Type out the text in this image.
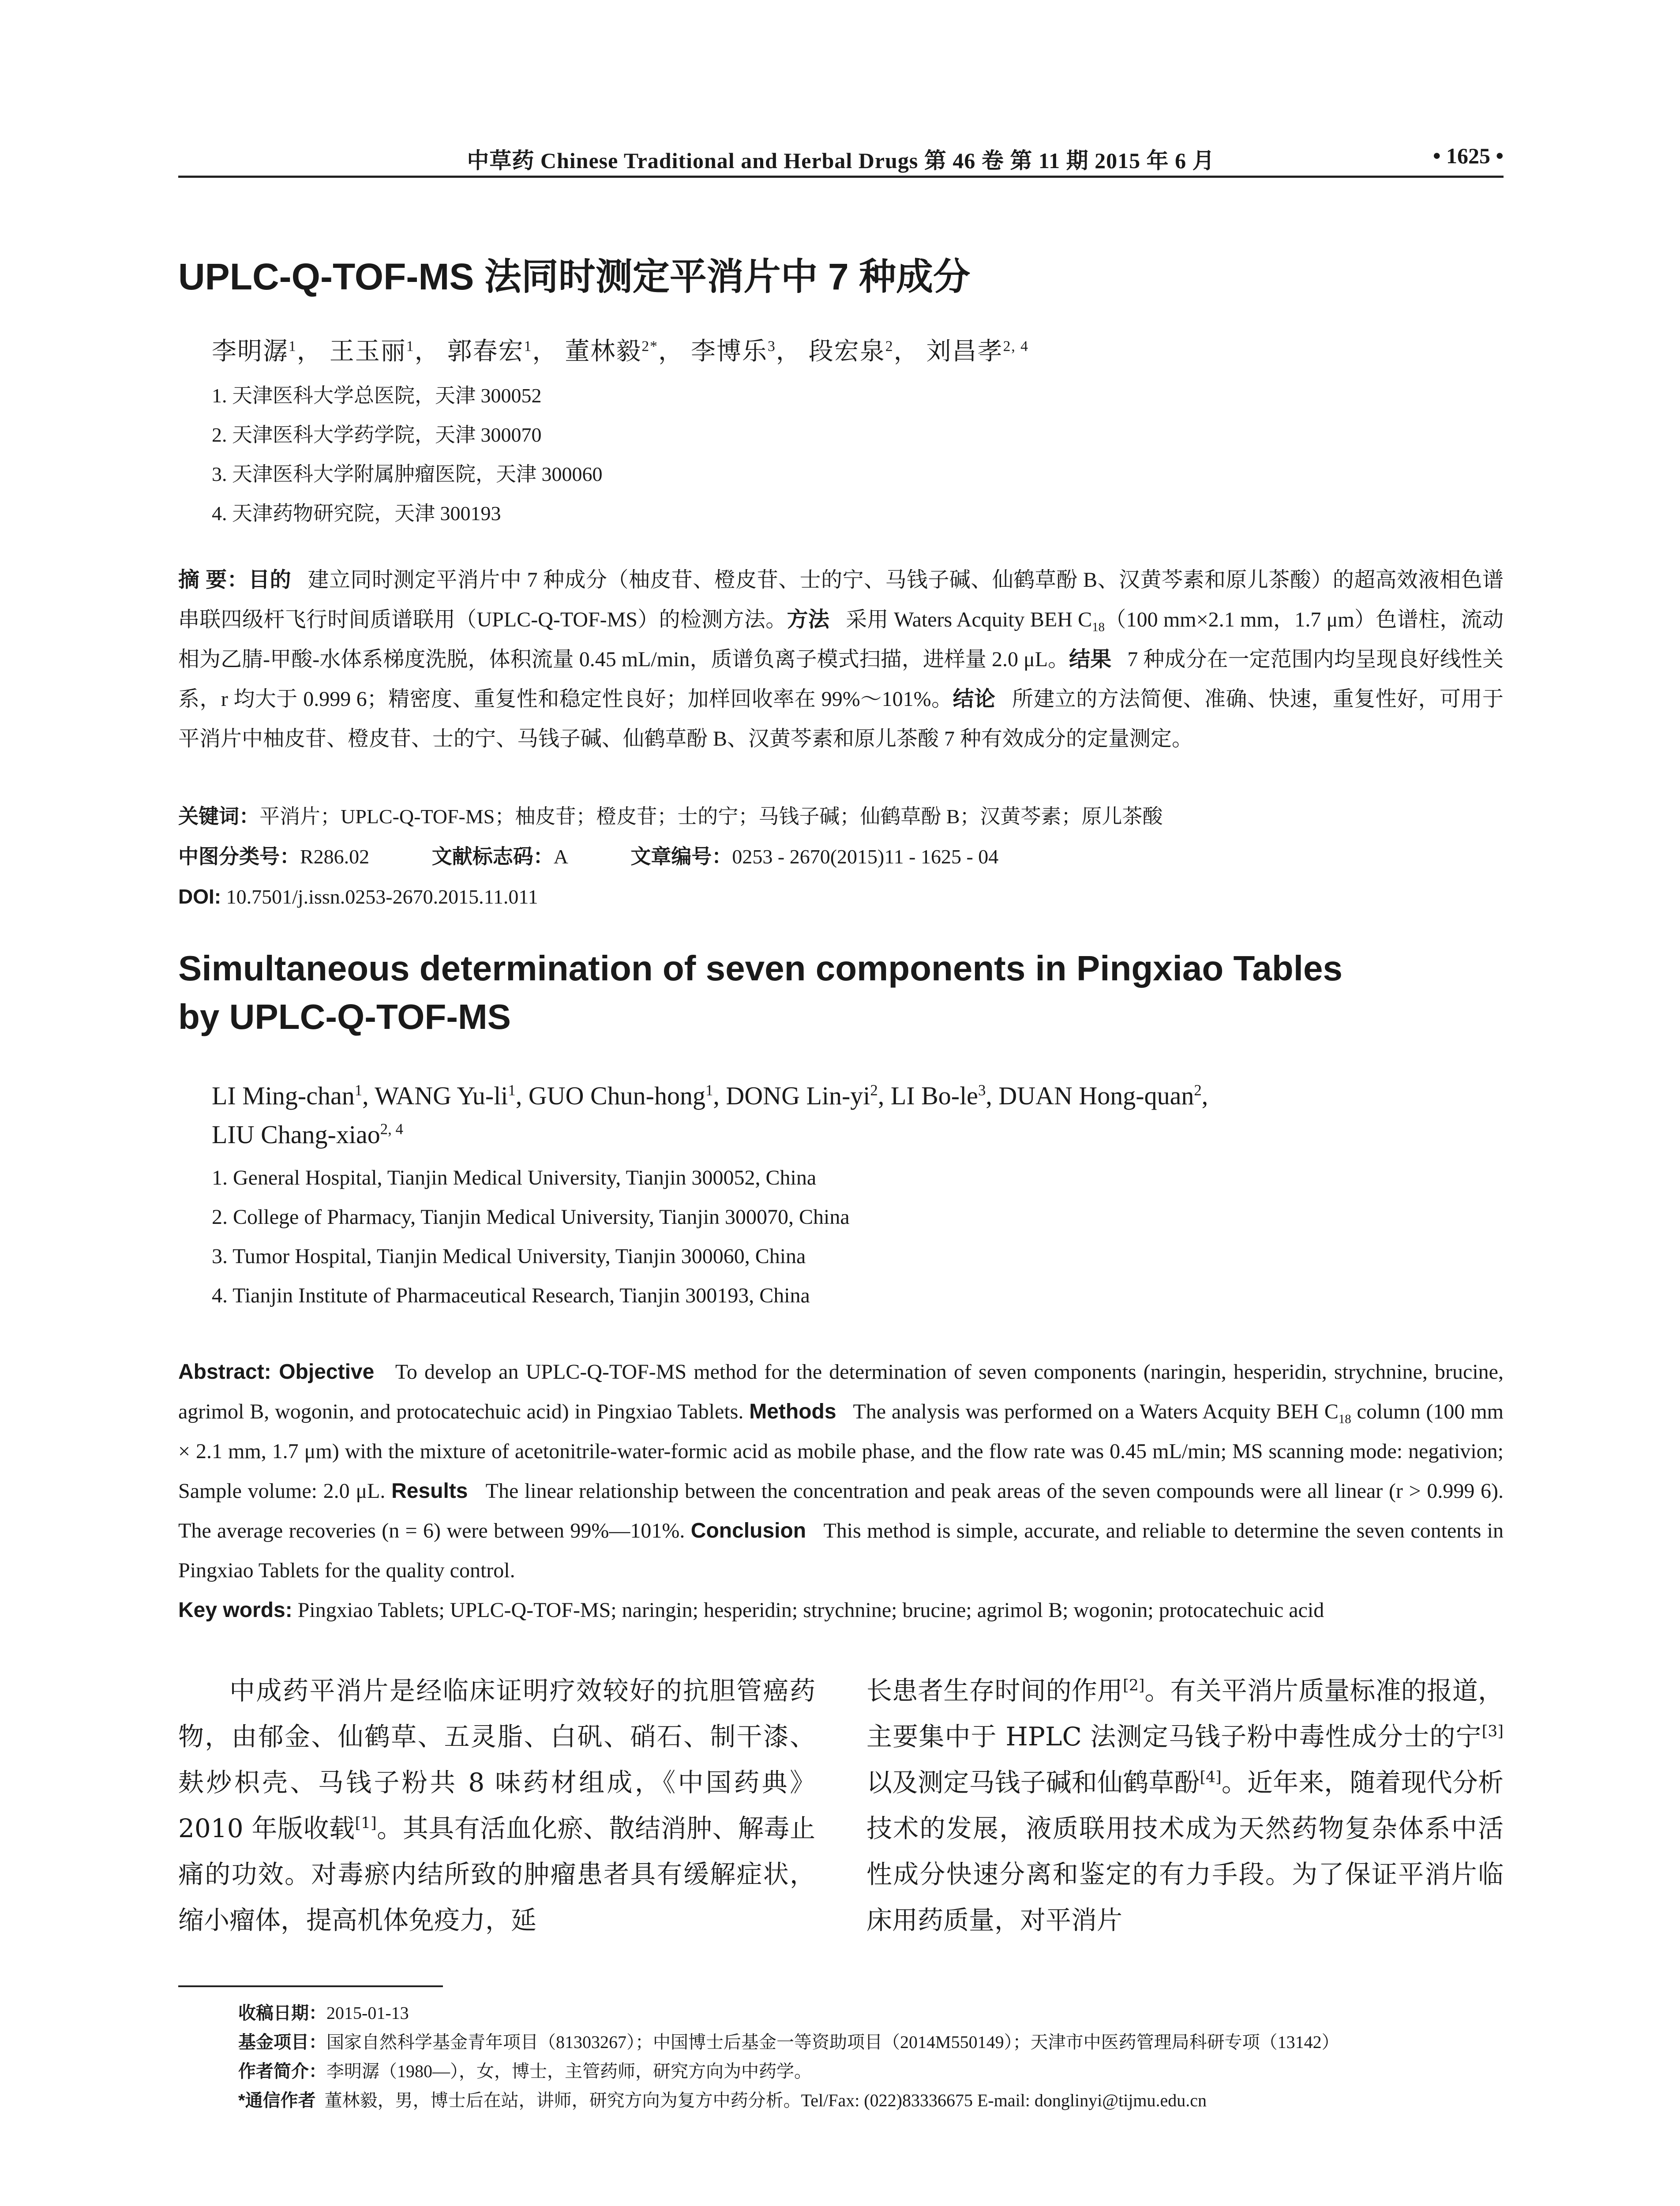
中草药 Chinese Traditional and Herbal Drugs 第 46 卷 第 11 期 2015 年 6 月	• 1625 •
UPLC-Q-TOF-MS 法同时测定平消片中 7 种成分
李明潺$^1$， 王玉丽$^1$， 郭春宏$^1$， 董林毅$^{2*}$， 李博乐$^3$， 段宏泉$^2$， 刘昌孝$^{2, 4}$
1. 天津医科大学总医院，天津 300052
2. 天津医科大学药学院，天津 300070
3. 天津医科大学附属肿瘤医院，天津 300060
4. 天津药物研究院，天津 300193
摘 要：目的 建立同时测定平消片中 7 种成分（柚皮苷、橙皮苷、士的宁、马钱子碱、仙鹤草酚 B、汉黄芩素和原儿茶酸）的超高效液相色谱串联四级杆飞行时间质谱联用（UPLC-Q-TOF-MS）的检测方法。方法 采用 Waters Acquity BEH $C_{18}(100$ mm×2.1 mm，1.7 μm）色谱柱，流动相为乙腈-甲酸-水体系梯度洗脱，体积流量 0.45 mL/min，质谱负离子模式扫描，进样量 2.0 μL。结果 7 种成分在一定范围内均呈现良好线性关系，r 均大于 0.999 6；精密度、重复性和稳定性良好；加样回收率在 99%～101%。结论 所建立的方法简便、准确、快速，重复性好，可用于平消片中柚皮苷、橙皮苷、士的宁、马钱子碱、仙鹤草酚 B、汉黄芩素和原儿茶酸 7 种有效成分的定量测定。
关键词：平消片；UPLC-Q-TOF-MS；柚皮苷；橙皮苷；士的宁；马钱子碱；仙鹤草酚 B；汉黄芩素；原儿茶酸
中图分类号：R286.02	文献标志码：A	文章编号：0253 - 2670(2015)11 - 1625 - 04
DOI: 10.7501/j.issn.0253-2670.2015.11.011
Simultaneous determination of seven components in Pingxiao Tables
by UPLC-Q-TOF-MS
LI Ming-chan$^1$, WANG $Yu-li^1$, GUO Chun-hong$^1$, DONG Lin-$yi^2$, LI $Bo-le^3$, DUAN Hong-quan$^2$,
LIU Chang-xiao$^{2, 4}$
1. General Hospital, Tianjin Medical University, Tianjin 300052, China
2. College of Pharmacy, Tianjin Medical University, Tianjin 300070, China
3. Tumor Hospital, Tianjin Medical University, Tianjin 300060, China
4. Tianjin Institute of Pharmaceutical Research, Tianjin 300193, China
Abstract: Objective To develop an UPLC-Q-TOF-MS method for the determination of seven components (naringin, hesperidin, strychnine, brucine, agrimol B, wogonin, and protocatechuic acid) in Pingxiao Tablets. Methods The analysis was performed on a Waters Acquity BEH $C_{18}$ column (100 mm × 2.1 mm, 1.7 μm) with the mixture of acetonitrile-water-formic acid as mobile phase, and the flow rate was 0.45 mL/min; MS scanning mode: negativion; Sample volume: 2.0 μL. Results The linear relationship between the concentration and peak areas of the seven compounds were all linear (r > 0.999 6). The average recoveries (n = 6) were between 99%—101%. Conclusion This method is simple, accurate, and reliable to determine the seven contents in Pingxiao Tablets for the quality control.
Key words: Pingxiao Tablets; UPLC-Q-TOF-MS; naringin; hesperidin; strychnine; brucine; agrimol B; wogonin; protocatechuic acid
中成药平消片是经临床证明疗效较好的抗胆管癌药物，由郁金、仙鹤草、五灵脂、白矾、硝石、制干漆、麸炒枳壳、马钱子粉共 8 味药材组成，《中国药典》2010 年版收载[1]。其具有活血化瘀、散结消肿、解毒止痛的功效。对毒瘀内结所致的肿瘤患者具有缓解症状，缩小瘤体，提高机体免疫力，延
长患者生存时间的作用[2]。有关平消片质量标准的报道，主要集中于 HPLC 法测定马钱子粉中毒性成分士的宁[3]以及测定马钱子碱和仙鹤草酚[4]。近年来，随着现代分析技术的发展，液质联用技术成为天然药物复杂体系中活性成分快速分离和鉴定的有力手段。为了保证平消片临床用药质量，对平消片
收稿日期：2015-01-13
基金项目：国家自然科学基金青年项目（81303267）；中国博士后基金一等资助项目（2014M550149）；天津市中医药管理局科研专项（13142）
作者简介：李明潺（1980—），女，博士，主管药师，研究方向为中药学。
*通信作者 董林毅，男，博士后在站，讲师，研究方向为复方中药分析。Tel/Fax: (022)83336675 E-mail: donglinyi@tijmu.edu.cn
